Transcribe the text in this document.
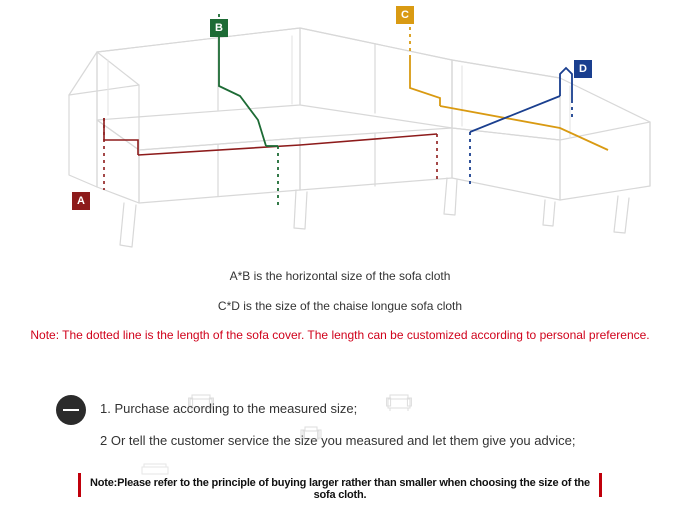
A
B
C
D
A*B is the horizontal size of the sofa cloth
C*D is the size of the chaise longue sofa cloth
Note: The dotted line is the length of the sofa cover. The length can be customized according to personal preference.
1. Purchase according to the measured size;
2 Or tell the customer service the size you measured and let them give you advice;
Note:Please refer to the principle of buying larger rather than smaller when choosing the size of the sofa cloth.
